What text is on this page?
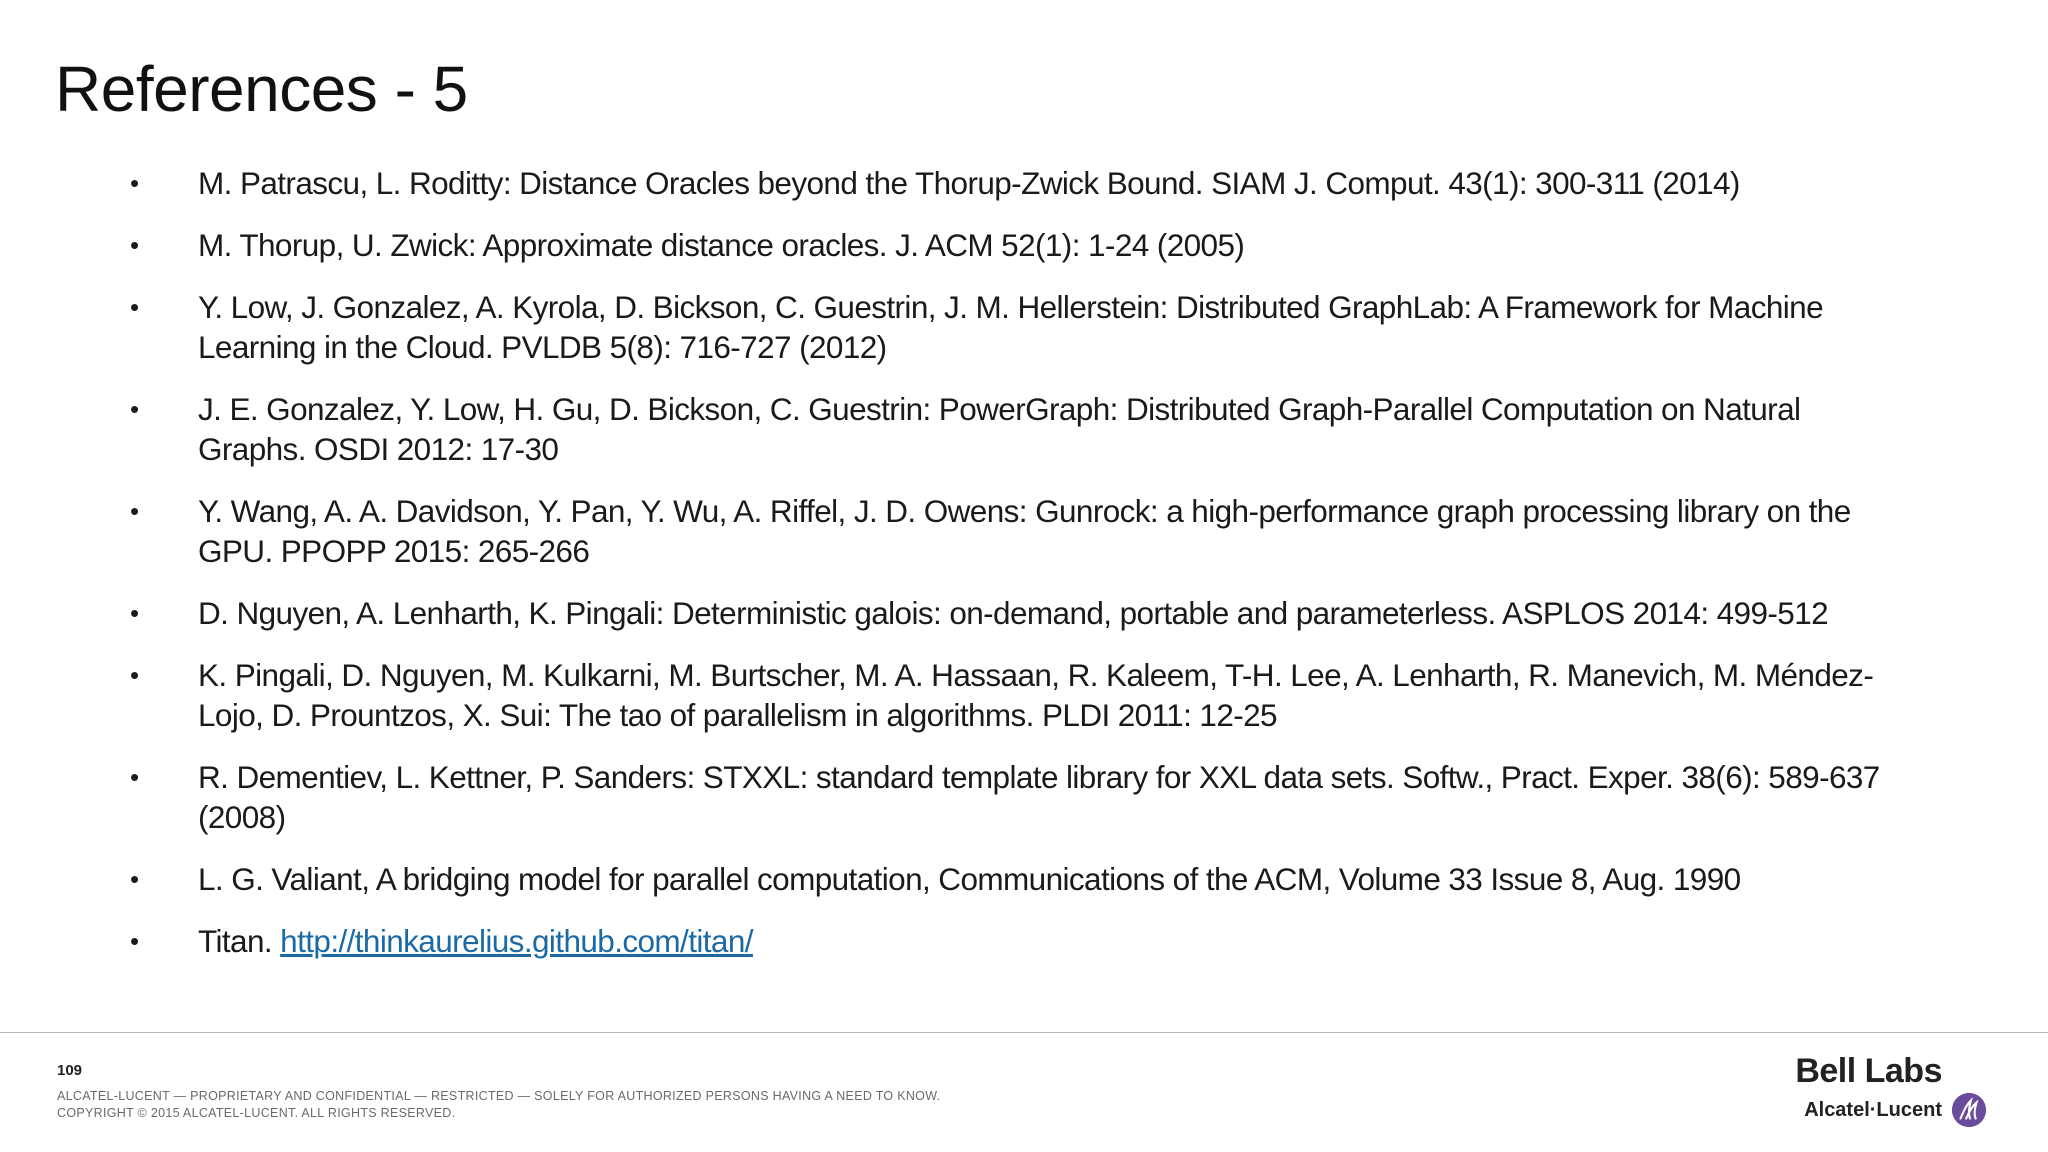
References - 5
• M. Patrascu, L. Roditty: Distance Oracles beyond the Thorup-Zwick Bound. SIAM J. Comput. 43(1): 300-311 (2014)
• M. Thorup, U. Zwick: Approximate distance oracles. J. ACM 52(1): 1-24 (2005)
• Y. Low, J. Gonzalez, A. Kyrola, D. Bickson, C. Guestrin, J. M. Hellerstein: Distributed GraphLab: A Framework for Machine Learning in the Cloud. PVLDB 5(8): 716-727 (2012)
• J. E. Gonzalez, Y. Low, H. Gu, D. Bickson, C. Guestrin: PowerGraph: Distributed Graph-Parallel Computation on Natural Graphs. OSDI 2012: 17-30
• Y. Wang, A. A. Davidson, Y. Pan, Y. Wu, A. Riffel, J. D. Owens: Gunrock: a high-performance graph processing library on the GPU. PPOPP 2015: 265-266
• D. Nguyen, A. Lenharth, K. Pingali: Deterministic galois: on-demand, portable and parameterless. ASPLOS 2014: 499-512
• K. Pingali, D. Nguyen, M. Kulkarni, M. Burtscher, M. A. Hassaan, R. Kaleem, T-H. Lee, A. Lenharth, R. Manevich, M. Méndez-Lojo, D. Prountzos, X. Sui: The tao of parallelism in algorithms. PLDI 2011: 12-25
• R. Dementiev, L. Kettner, P. Sanders: STXXL: standard template library for XXL data sets. Softw., Pract. Exper. 38(6): 589-637 (2008)
• L. G. Valiant, A bridging model for parallel computation, Communications of the ACM, Volume 33 Issue 8, Aug. 1990
• Titan. http://thinkaurelius.github.com/titan/
109
ALCATEL-LUCENT — PROPRIETARY AND CONFIDENTIAL — RESTRICTED — SOLELY FOR AUTHORIZED PERSONS HAVING A NEED TO KNOW.
COPYRIGHT © 2015 ALCATEL-LUCENT. ALL RIGHTS RESERVED.
Bell Labs
Alcatel·Lucent
